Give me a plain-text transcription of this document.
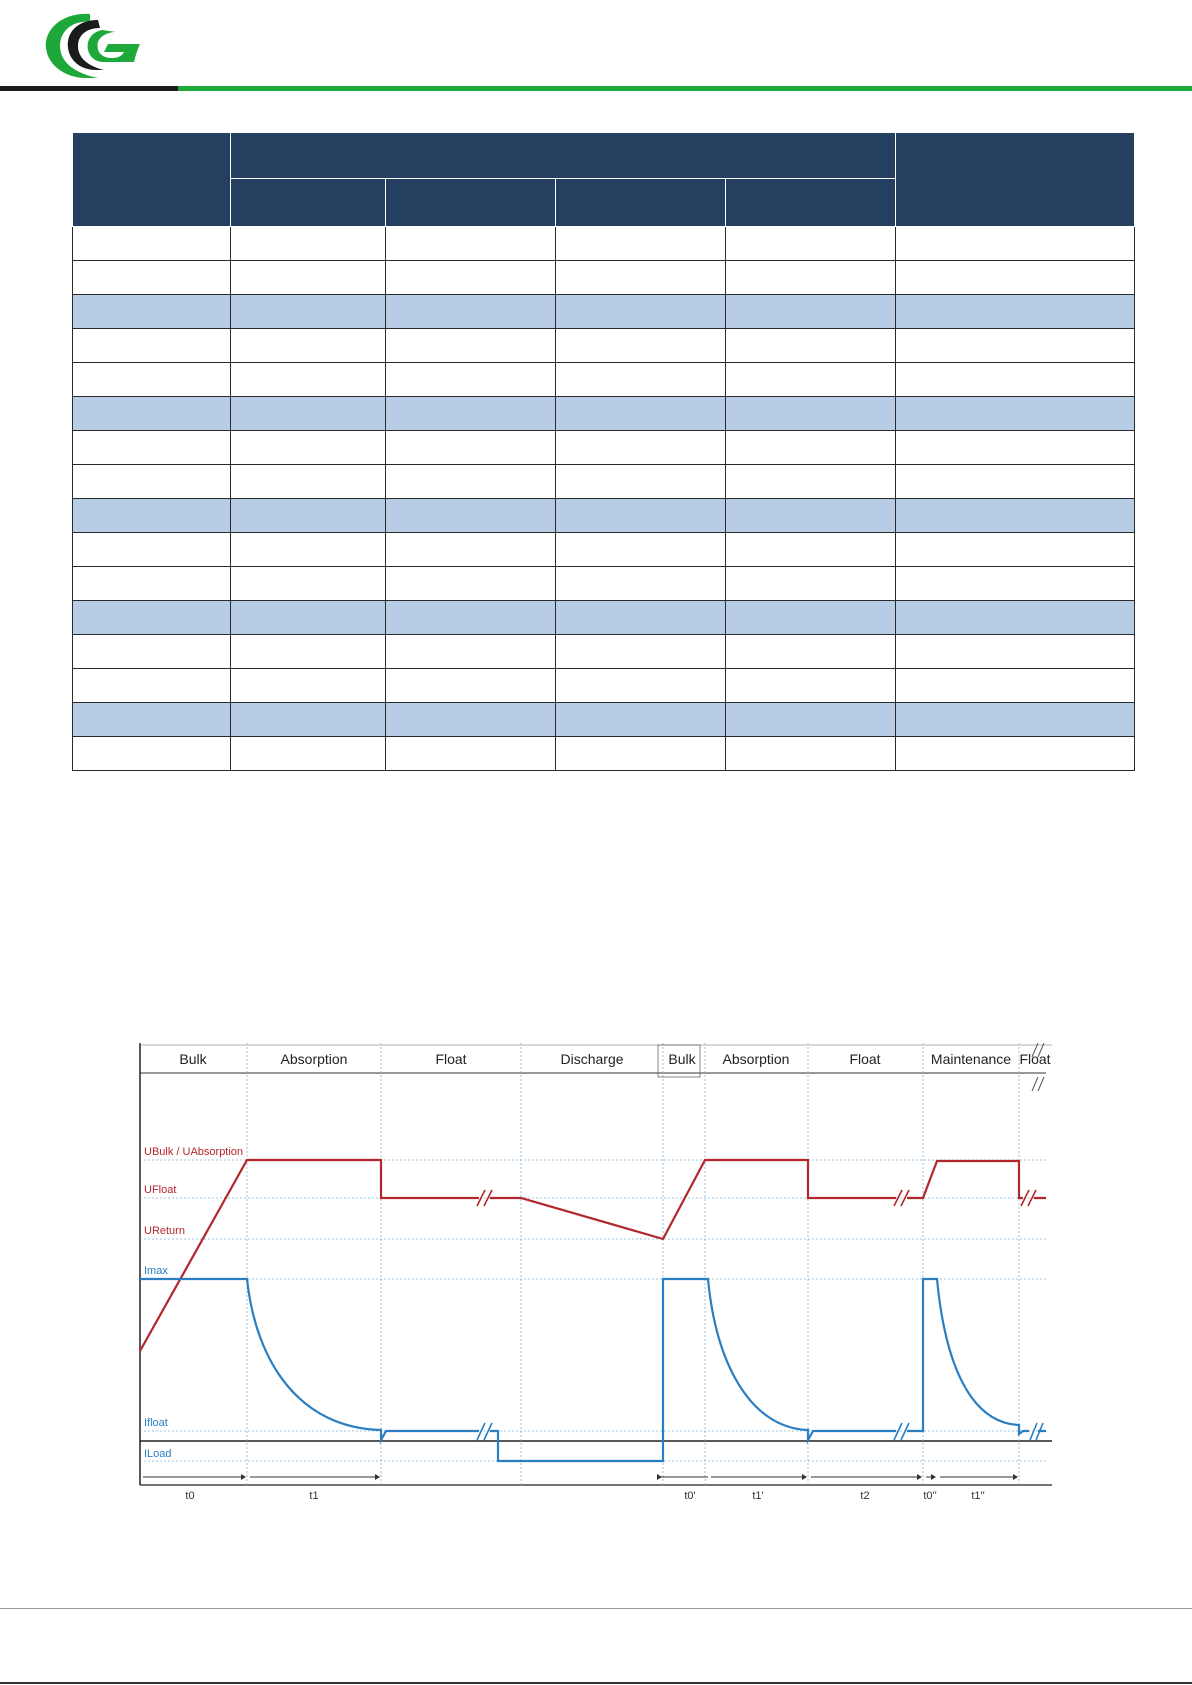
Bulk	Absorption	Float	Discharge	Bulk Absorption	Float	Maintenance Float
UBulk / UAbsorption
UFloat
UReturn
Imax
Ifloat
ILoad
t0	t1	t0'	t1'	t2	t0''	t1''
